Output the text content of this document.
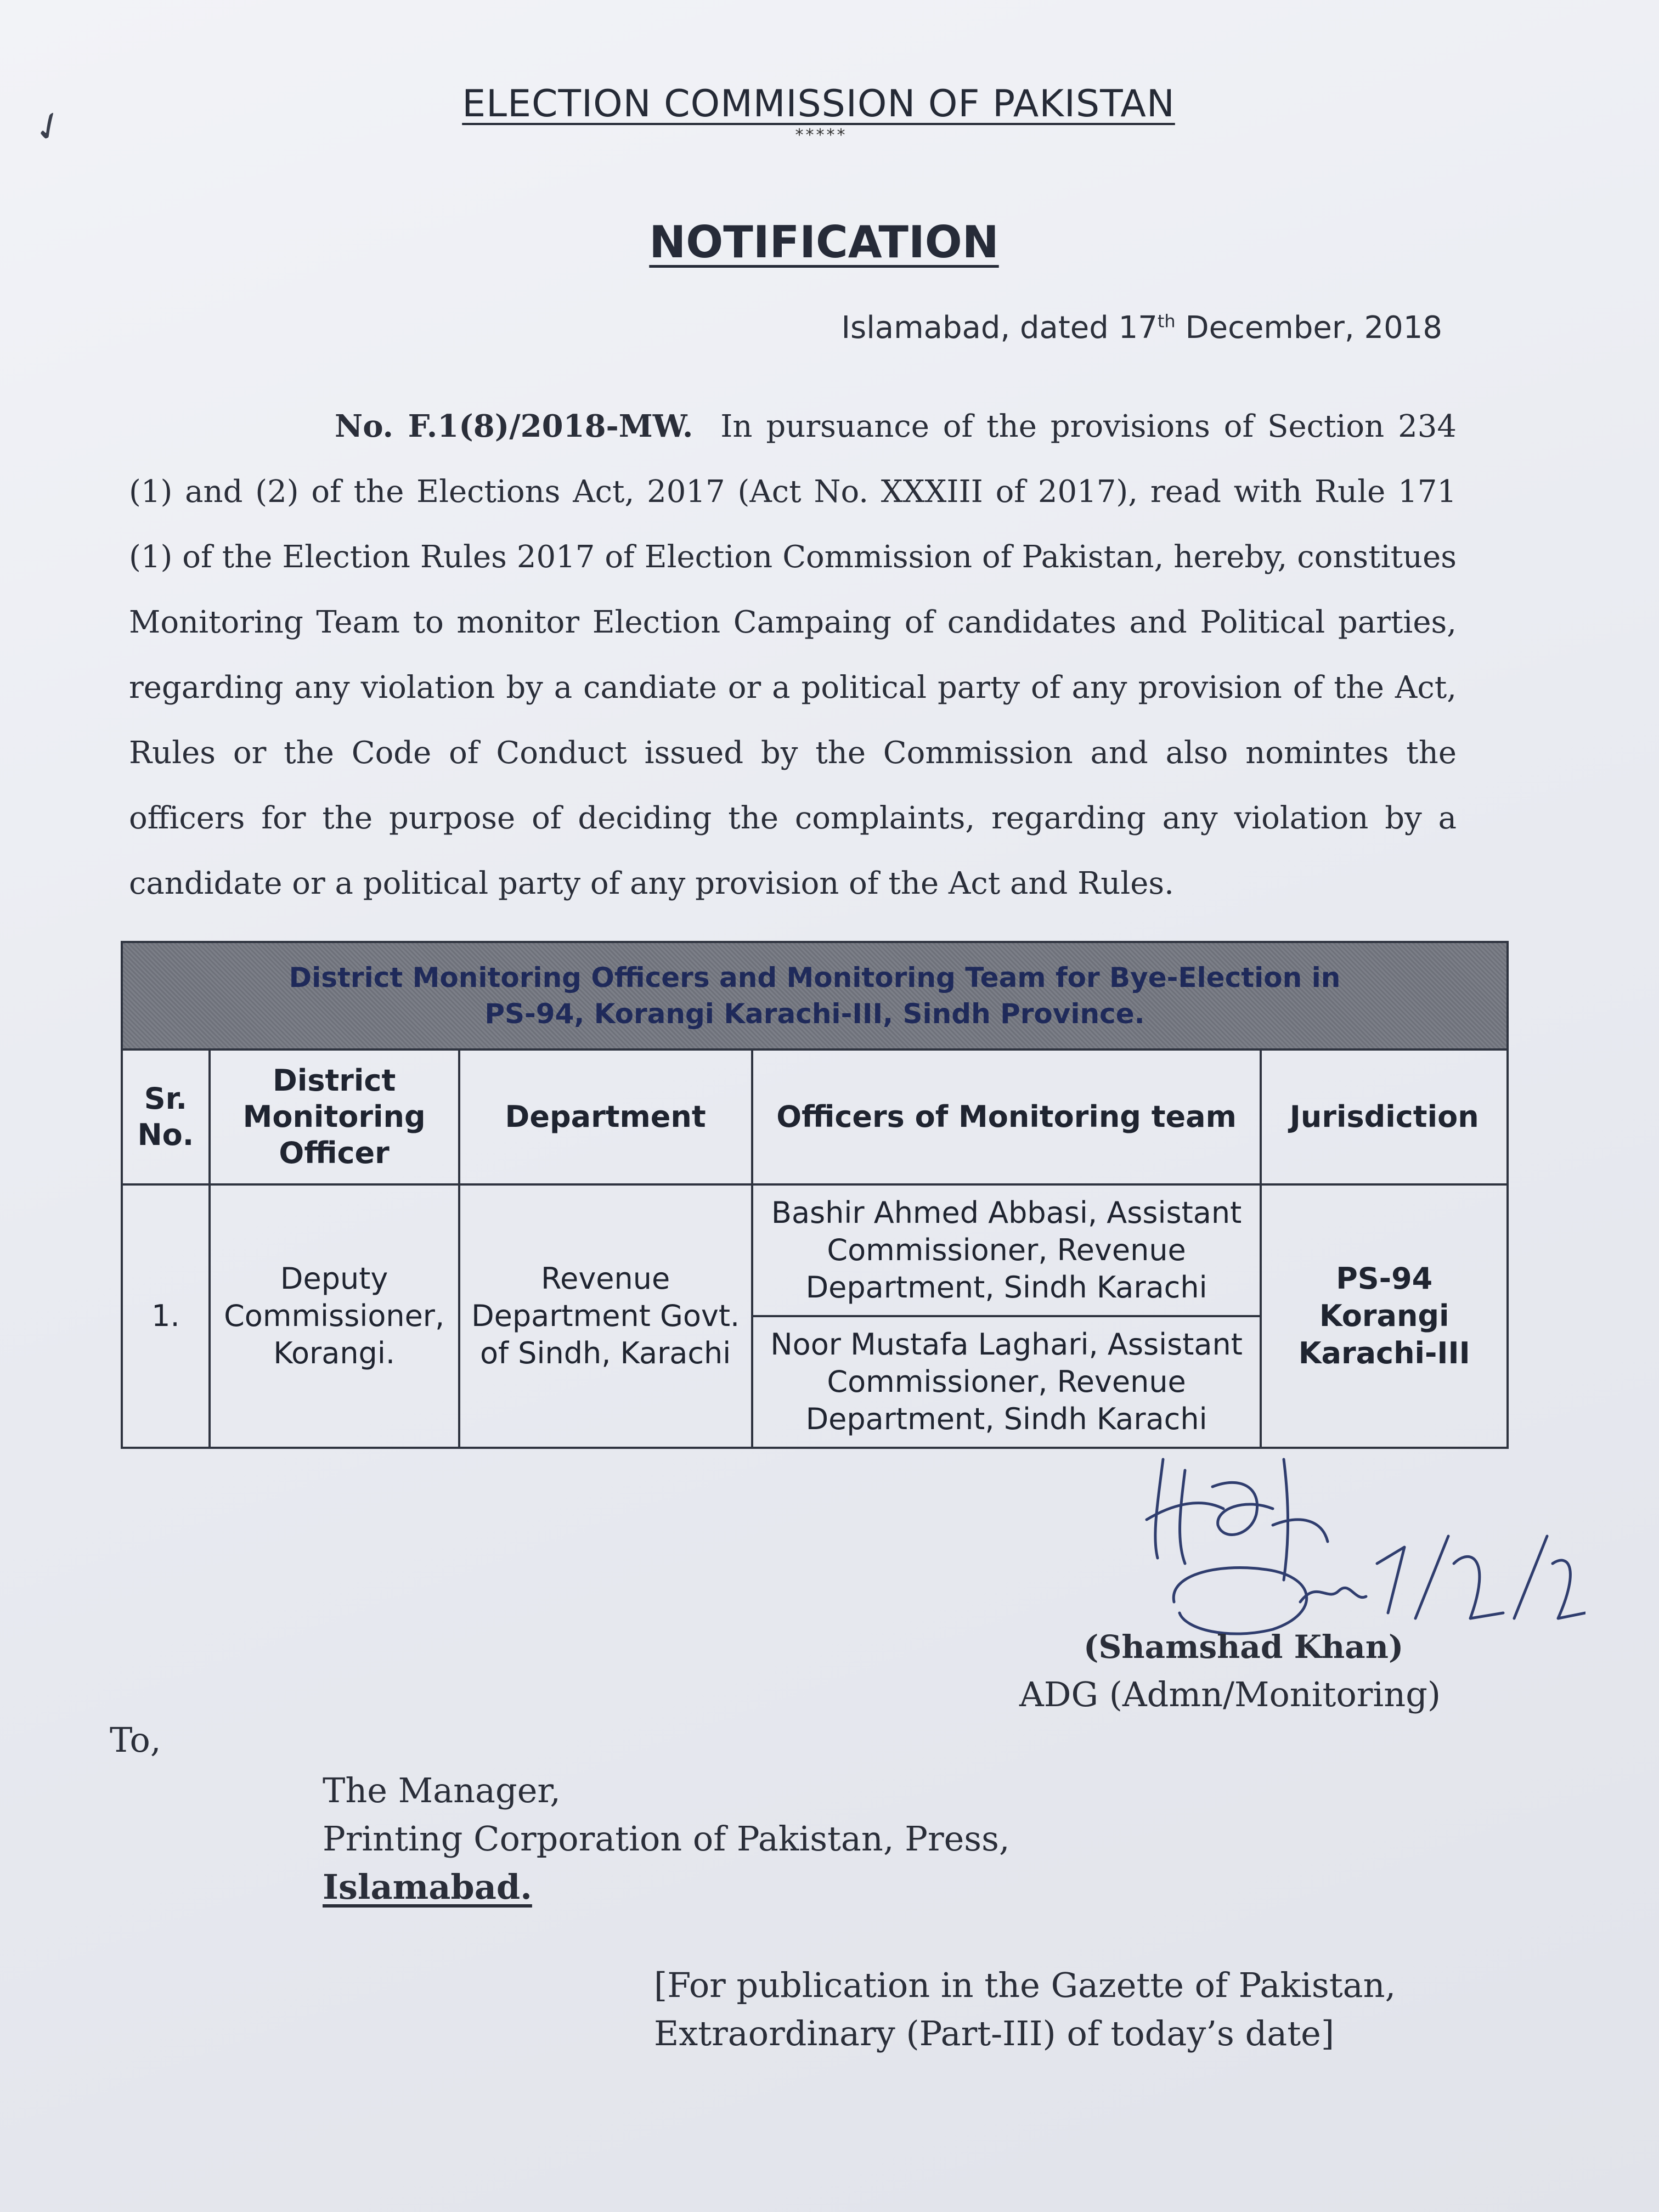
✓	ELECTION COMMISSION OF PAKISTAN
*****
NOTIFICATION
Islamabad, dated 17th December, 2018
No. F.1(8)/2018-MW. In pursuance of the provisions of Section 234 (1) and (2) of the Elections Act, 2017 (Act No. XXXIII of 2017), read with Rule 171 (1) of the Election Rules 2017 of Election Commission of Pakistan, hereby, constitues Monitoring Team to monitor Election Campaing of candidates and Political parties, regarding any violation by a candiate or a political party of any provision of the Act, Rules or the Code of Conduct issued by the Commission and also nomintes the officers for the purpose of deciding the complaints, regarding any violation by a candidate or a political party of any provision of the Act and Rules.
District Monitoring Officers and Monitoring Team for Bye-Election in
PS-94, Korangi Karachi-III, Sindh Province.				

Sr. No.	District Monitoring Officer	Department	Officers of Monitoring team	Jurisdiction
1.	Deputy Commissioner, Korangi.	Revenue Department Govt. of Sindh, Karachi	Bashir Ahmed Abbasi, Assistant Commissioner, Revenue Department, Sindh Karachi	PS-94 Korangi Karachi-III
			Noor Mustafa Laghari, Assistant Commissioner, Revenue Department, Sindh Karachi	
(Shamshad Khan)
ADG (Admn/Monitoring)
To,
The Manager,
Printing Corporation of Pakistan, Press,
Islamabad.
[For publication in the Gazette of Pakistan,
Extraordinary (Part-III) of today’s date]
